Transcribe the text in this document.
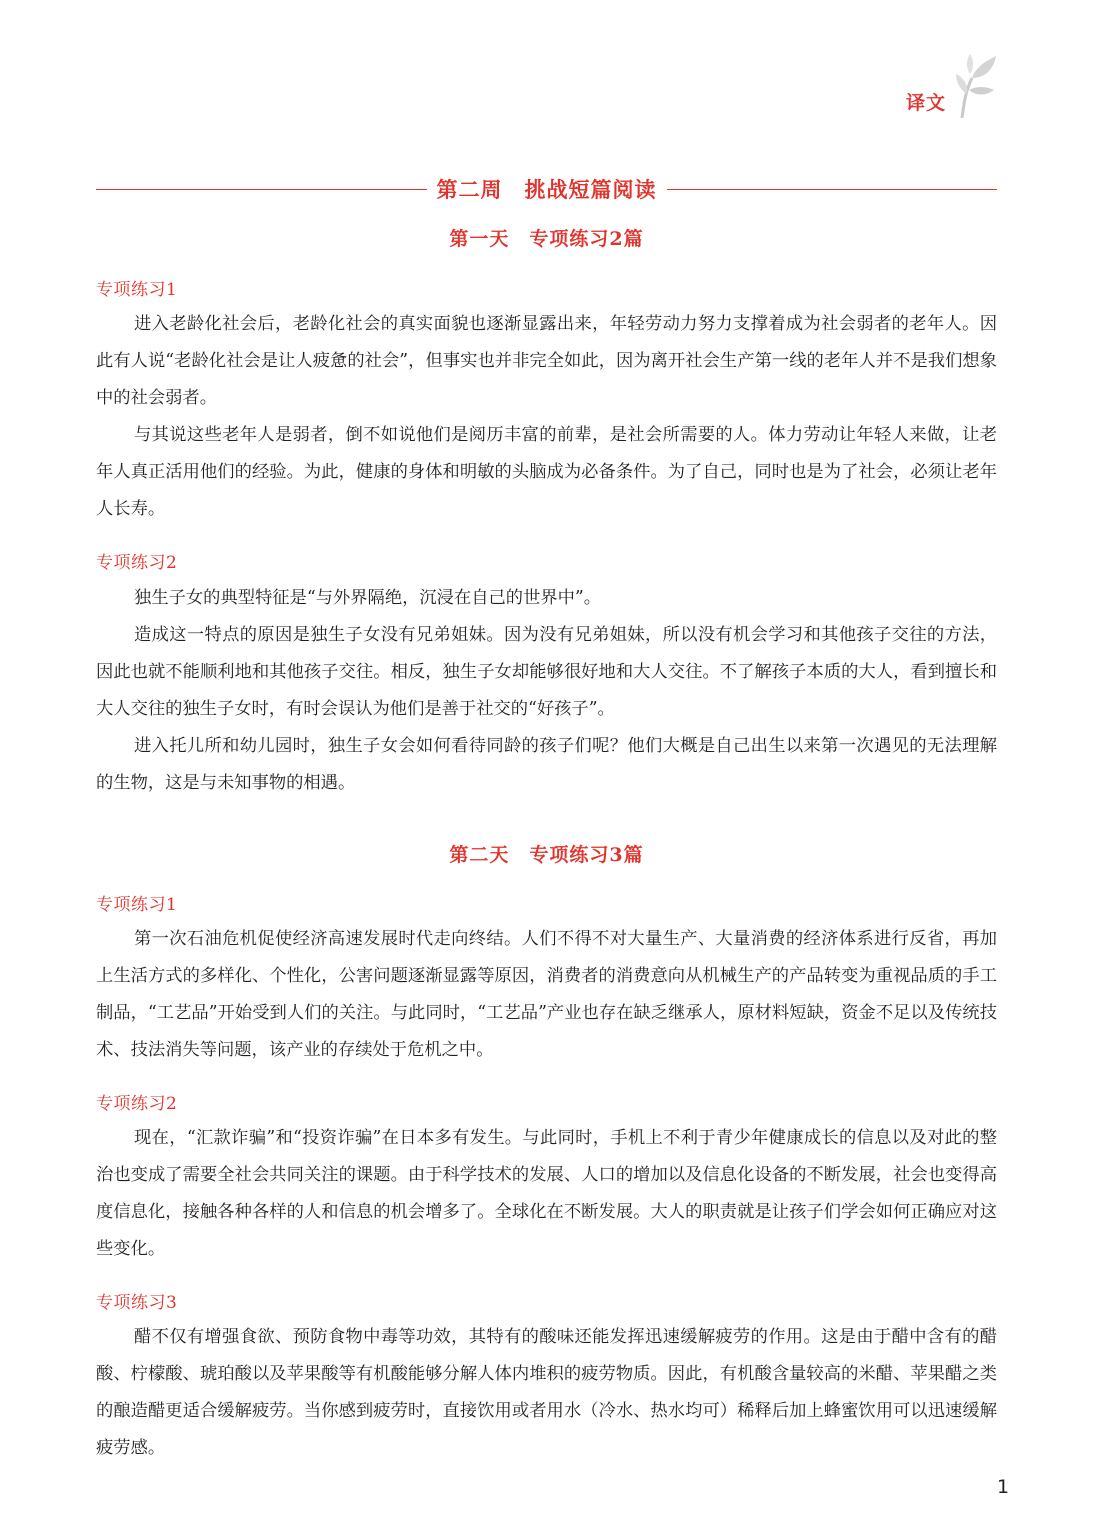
译文
第二周　挑战短篇阅读
第一天　专项练习2篇
专项练习1

进入老龄化社会后，老龄化社会的真实面貌也逐渐显露出来，年轻劳动力努力支撑着成为社会弱者的老年人。因此有人说“老龄化社会是让人疲惫的社会”，但事实也并非完全如此，因为离开社会生产第一线的老年人并不是我们想象中的社会弱者。

与其说这些老年人是弱者，倒不如说他们是阅历丰富的前辈，是社会所需要的人。体力劳动让年轻人来做，让老年人真正活用他们的经验。为此，健康的身体和明敏的头脑成为必备条件。为了自己，同时也是为了社会，必须让老年人长寿。

专项练习2

独生子女的典型特征是“与外界隔绝，沉浸在自己的世界中”。

造成这一特点的原因是独生子女没有兄弟姐妹。因为没有兄弟姐妹，所以没有机会学习和其他孩子交往的方法，因此也就不能顺利地和其他孩子交往。相反，独生子女却能够很好地和大人交往。不了解孩子本质的大人，看到擅长和大人交往的独生子女时，有时会误认为他们是善于社交的“好孩子”。

进入托儿所和幼儿园时，独生子女会如何看待同龄的孩子们呢？他们大概是自己出生以来第一次遇见的无法理解的生物，这是与未知事物的相遇。

第二天　专项练习3篇
专项练习1

第一次石油危机促使经济高速发展时代走向终结。人们不得不对大量生产、大量消费的经济体系进行反省，再加上生活方式的多样化、个性化，公害问题逐渐显露等原因，消费者的消费意向从机械生产的产品转变为重视品质的手工制品，“工艺品”开始受到人们的关注。与此同时，“工艺品”产业也存在缺乏继承人，原材料短缺，资金不足以及传统技术、技法消失等问题，该产业的存续处于危机之中。

专项练习2

现在，“汇款诈骗”和“投资诈骗”在日本多有发生。与此同时，手机上不利于青少年健康成长的信息以及对此的整治也变成了需要全社会共同关注的课题。由于科学技术的发展、人口的增加以及信息化设备的不断发展，社会也变得高度信息化，接触各种各样的人和信息的机会增多了。全球化在不断发展。大人的职责就是让孩子们学会如何正确应对这些变化。

专项练习3

醋不仅有增强食欲、预防食物中毒等功效，其特有的酸味还能发挥迅速缓解疲劳的作用。这是由于醋中含有的醋酸、柠檬酸、琥珀酸以及苹果酸等有机酸能够分解人体内堆积的疲劳物质。因此，有机酸含量较高的米醋、苹果醋之类的酿造醋更适合缓解疲劳。当你感到疲劳时，直接饮用或者用水（冷水、热水均可）稀释后加上蜂蜜饮用可以迅速缓解疲劳感。

1
